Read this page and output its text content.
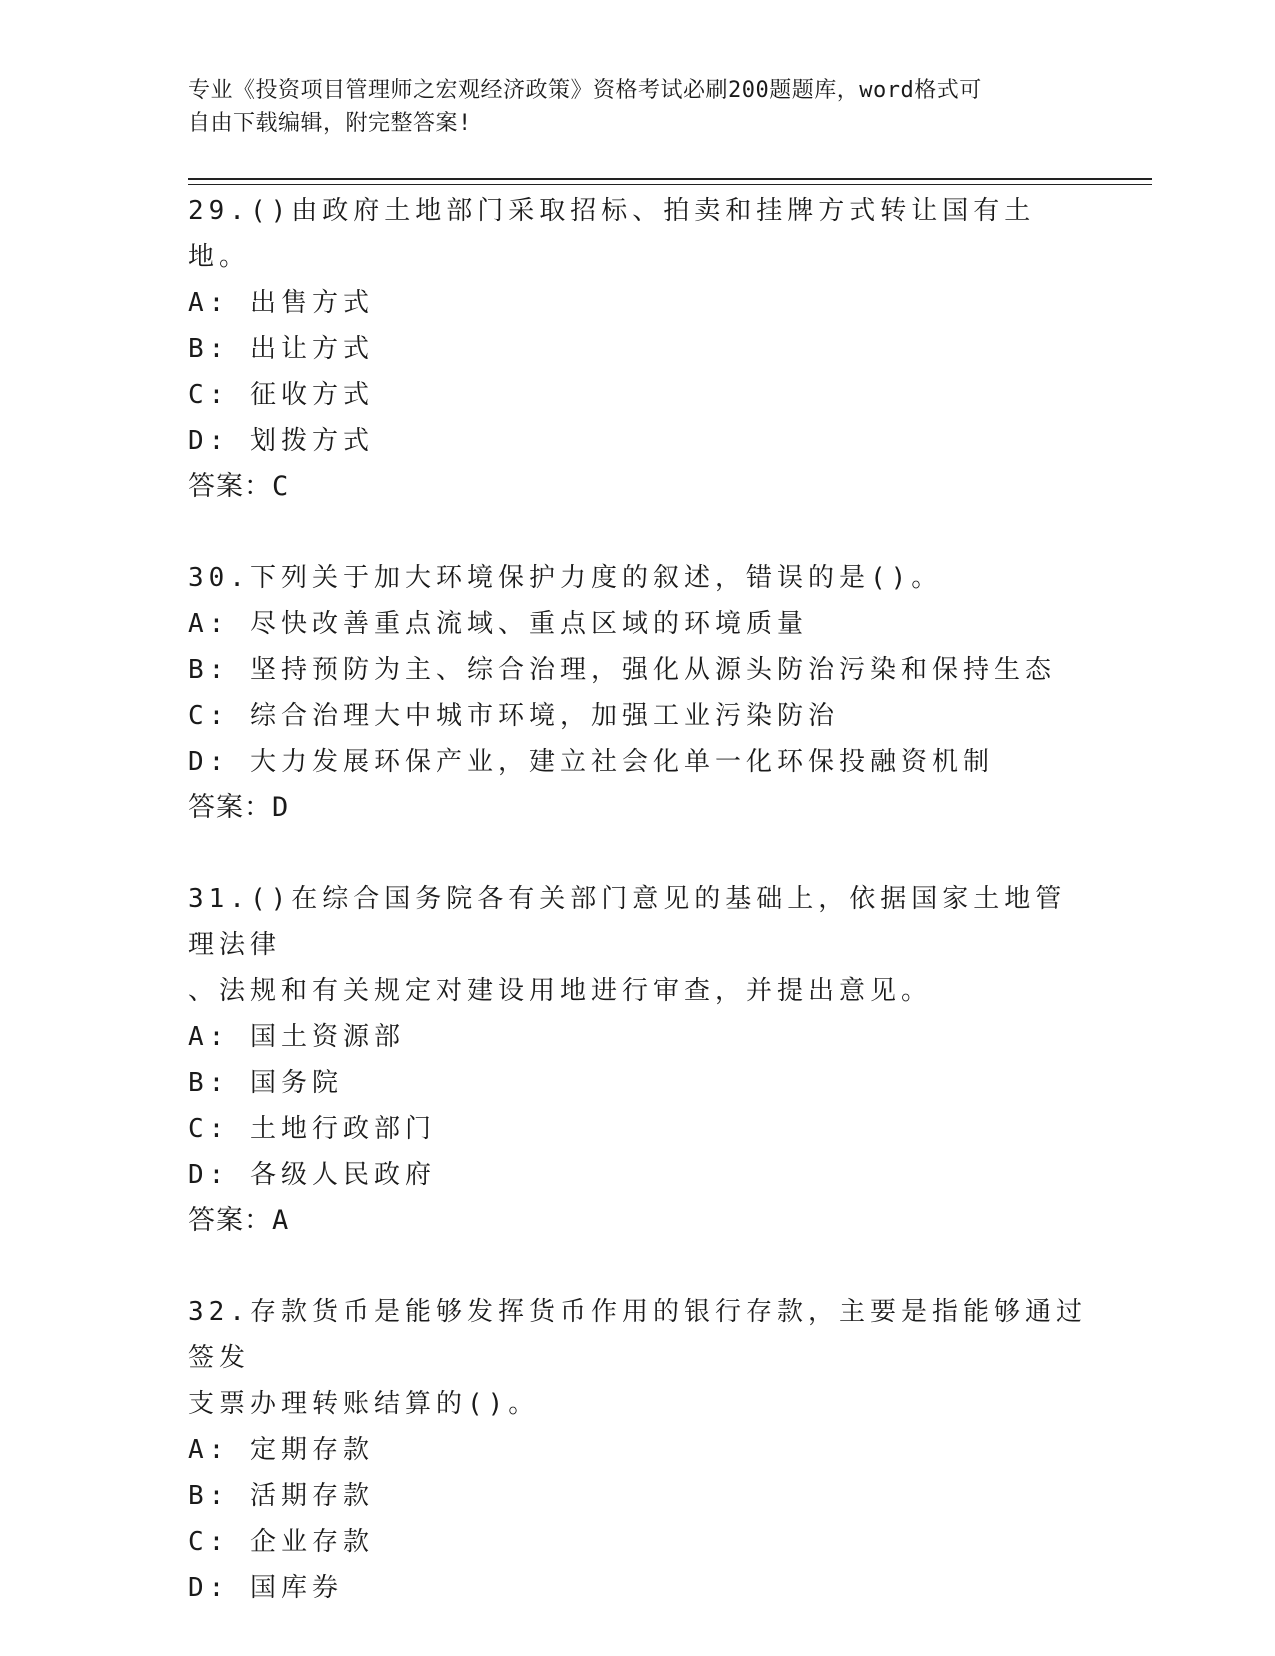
专业《投资项目管理师之宏观经济政策》资格考试必刷200题题库，word格式可
自由下载编辑，附完整答案!
29.()由政府土地部门采取招标、拍卖和挂牌方式转让国有土地。
A: 出售方式
B: 出让方式
C: 征收方式
D: 划拨方式
答案：C
30.下列关于加大环境保护力度的叙述，错误的是()。
A: 尽快改善重点流域、重点区域的环境质量
B: 坚持预防为主、综合治理，强化从源头防治污染和保持生态
C: 综合治理大中城市环境，加强工业污染防治
D: 大力发展环保产业，建立社会化单一化环保投融资机制
答案：D
31.()在综合国务院各有关部门意见的基础上，依据国家土地管理法律
、法规和有关规定对建设用地进行审查，并提出意见。
A: 国土资源部
B: 国务院
C: 土地行政部门
D: 各级人民政府
答案：A
32.存款货币是能够发挥货币作用的银行存款，主要是指能够通过签发
支票办理转账结算的()。
A: 定期存款
B: 活期存款
C: 企业存款
D: 国库券
